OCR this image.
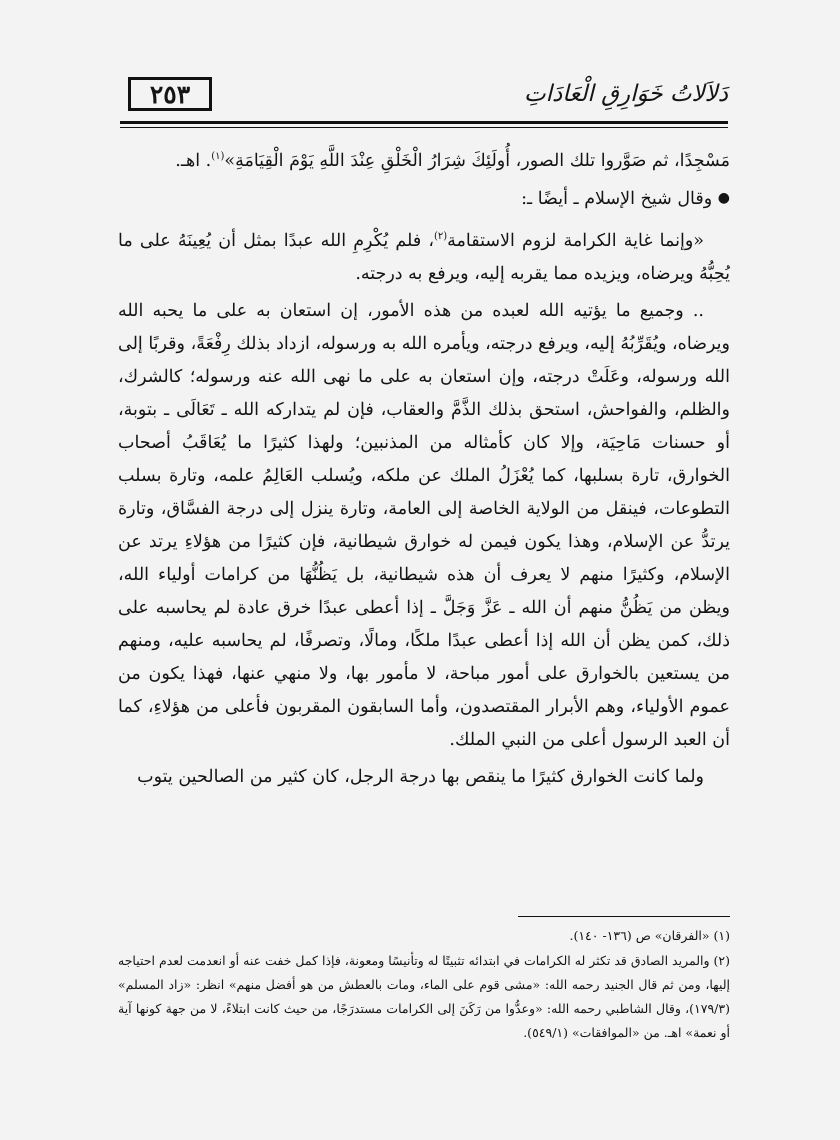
٢٥٣	دَلاَلاتُ خَوَارِقِ الْعَادَاتِ

مَسْجِدًا، ثم صَوَّروا تلك الصور، أُولَئِكَ شِرَارُ الْخَلْقِ عِنْدَ اللَّهِ يَوْمَ الْقِيَامَةِ»$^{(١)}$. اهـ.

● وقال شيخ الإسلام ـ أيضًا ـ:

«وإنما غاية الكرامة لزوم الاستقامة$^{(٢)}$، فلم يُكْرِمِ الله عبدًا بمثل أن يُعِينَهُ على ما يُحِبُّهُ ويرضاه، ويزيده مما يقربه إليه، ويرفع به درجته.

.. وجميع ما يؤتيه الله لعبده من هذه الأمور، إن استعان به على ما يحبه الله ويرضاه، ويُقَرِّبُهُ إليه، ويرفع درجته، ويأمره الله به ورسوله، ازداد بذلك رِفْعَةً، وقربًا إلى الله ورسوله، وعَلَتْ درجته، وإن استعان به على ما نهى الله عنه ورسوله؛ كالشرك، والظلم، والفواحش، استحق بذلك الذَّمَّ والعقاب، فإن لم يتداركه الله ـ تَعَالَى ـ بتوبة، أو حسنات مَاحِيَة، وإلا كان كأمثاله من المذنبين؛ ولهذا كثيرًا ما يُعَاقَبُ أصحاب الخوارق، تارة بسلبها، كما يُعْزَلُ الملك عن ملكه، ويُسلب العَالِمُ علمه، وتارة بسلب التطوعات، فينقل من الولاية الخاصة إلى العامة، وتارة ينزل إلى درجة الفسَّاق، وتارة يرتدُّ عن الإسلام، وهذا يكون فيمن له خوارق شيطانية، فإن كثيرًا من هؤلاءِ يرتد عن الإسلام، وكثيرًا منهم لا يعرف أن هذه شيطانية، بل يَظُنُّهَا من كرامات أولياء الله، ويظن من يَظُنُّ منهم أن الله ـ عَزَّ وَجَلَّ ـ إذا أعطى عبدًا خرق عادة لم يحاسبه على ذلك، كمن يظن أن الله إذا أعطى عبدًا ملكًا، ومالًا، وتصرفًا، لم يحاسبه عليه، ومنهم من يستعين بالخوارق على أمور مباحة، لا مأمور بها، ولا منهي عنها، فهذا يكون من عموم الأولياء، وهم الأبرار المقتصدون، وأما السابقون المقربون فأعلى من هؤلاءِ، كما أن العبد الرسول أعلى من النبي الملك.

ولما كانت الخوارق كثيرًا ما ينقص بها درجة الرجل، كان كثير من الصالحين يتوب

(١) «الفرقان» ص (١٣٦- ١٤٠).

(٢) والمريد الصادق قد تكثر له الكرامات في ابتدائه تثبيتًا له وتأنيسًا ومعونة، فإذا كمل خفت عنه أو انعدمت لعدم احتياجه إليها، ومن ثم قال الجنيد رحمه الله: «مشى قوم على الماء، ومات بالعطش من هو أفضل منهم» انظر: «زاد المسلم» (١٧٩/٣)، وقال الشاطبي رحمه الله: «وعدُّوا من رَكَنَ إلى الكرامات مستدرَجًا، من حيث كانت ابتلاءً، لا من جهة كونها آية أو نعمة» اهـ. من «الموافقات» (٥٤٩/١).
